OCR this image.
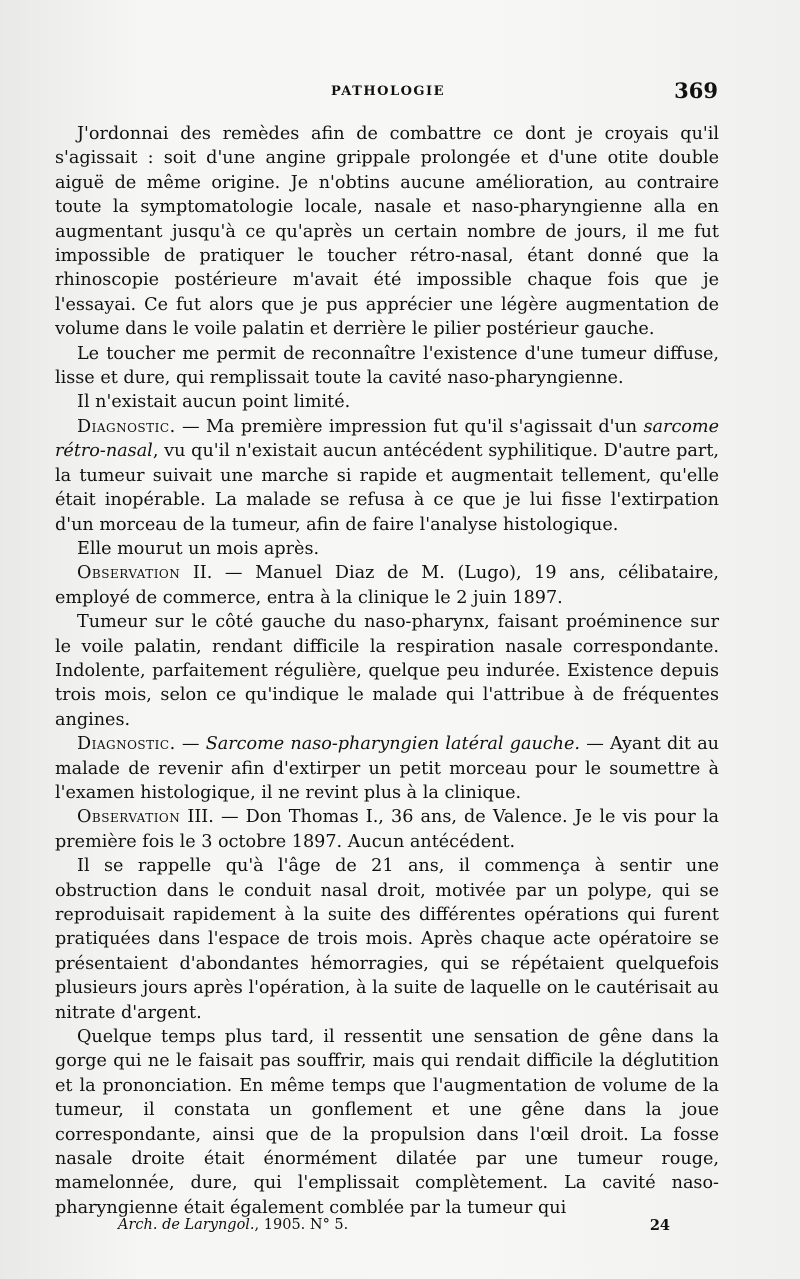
PATHOLOGIE	369

J'ordonnai des remèdes afin de combattre ce dont je croyais qu'il s'agissait : soit d'une angine grippale prolongée et d'une otite double aiguë de même origine. Je n'obtins aucune amélioration, au contraire toute la symptomatologie locale, nasale et naso-pharyngienne alla en augmentant jusqu'à ce qu'après un certain nombre de jours, il me fut impossible de pratiquer le toucher rétro-nasal, étant donné que la rhinoscopie postérieure m'avait été impossible chaque fois que je l'essayai. Ce fut alors que je pus apprécier une légère augmentation de volume dans le voile palatin et derrière le pilier postérieur gauche.

Le toucher me permit de reconnaître l'existence d'une tumeur diffuse, lisse et dure, qui remplissait toute la cavité naso-pharyngienne.

Il n'existait aucun point limité.

Diagnostic. — Ma première impression fut qu'il s'agissait d'un sarcome rétro-nasal, vu qu'il n'existait aucun antécédent syphilitique. D'autre part, la tumeur suivait une marche si rapide et augmentait tellement, qu'elle était inopérable. La malade se refusa à ce que je lui fisse l'extirpation d'un morceau de la tumeur, afin de faire l'analyse histologique.

Elle mourut un mois après.

Observation II. — Manuel Diaz de M. (Lugo), 19 ans, célibataire, employé de commerce, entra à la clinique le 2 juin 1897.

Tumeur sur le côté gauche du naso-pharynx, faisant proéminence sur le voile palatin, rendant difficile la respiration nasale correspondante. Indolente, parfaitement régulière, quelque peu indurée. Existence depuis trois mois, selon ce qu'indique le malade qui l'attribue à de fréquentes angines.

Diagnostic. — Sarcome naso-pharyngien latéral gauche. — Ayant dit au malade de revenir afin d'extirper un petit morceau pour le soumettre à l'examen histologique, il ne revint plus à la clinique.

Observation III. — Don Thomas I., 36 ans, de Valence. Je le vis pour la première fois le 3 octobre 1897. Aucun antécédent.

Il se rappelle qu'à l'âge de 21 ans, il commença à sentir une obstruction dans le conduit nasal droit, motivée par un polype, qui se reproduisait rapidement à la suite des différentes opérations qui furent pratiquées dans l'espace de trois mois. Après chaque acte opératoire se présentaient d'abondantes hémorragies, qui se répétaient quelquefois plusieurs jours après l'opération, à la suite de laquelle on le cautérisait au nitrate d'argent.

Quelque temps plus tard, il ressentit une sensation de gêne dans la gorge qui ne le faisait pas souffrir, mais qui rendait difficile la déglutition et la prononciation. En même temps que l'augmentation de volume de la tumeur, il constata un gonflement et une gêne dans la joue correspondante, ainsi que de la propulsion dans l'œil droit. La fosse nasale droite était énormément dilatée par une tumeur rouge, mamelonnée, dure, qui l'emplissait complètement. La cavité naso-pharyngienne était également comblée par la tumeur qui

Arch. de Laryngol., 1905. N° 5.	24
